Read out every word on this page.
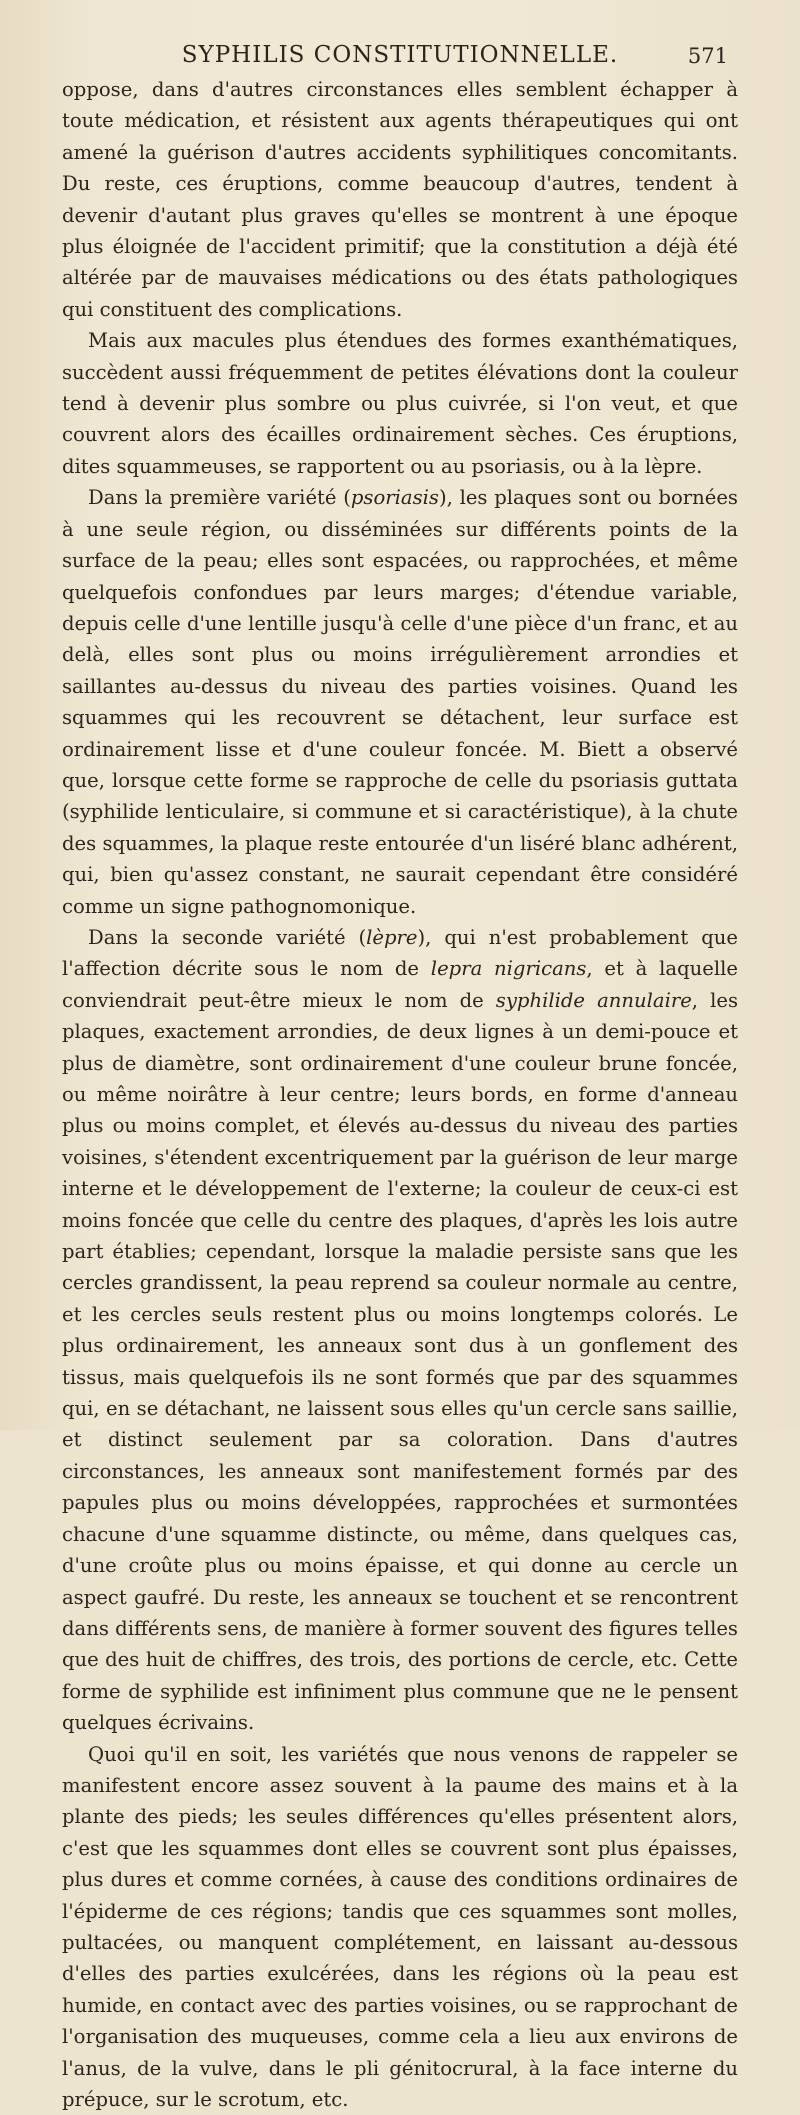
SYPHILIS CONSTITUTIONNELLE.	571

oppose, dans d'autres circonstances elles semblent échapper à toute médication, et résistent aux agents thérapeutiques qui ont amené la guérison d'autres accidents syphilitiques concomitants. Du reste, ces éruptions, comme beaucoup d'autres, tendent à devenir d'autant plus graves qu'elles se montrent à une époque plus éloignée de l'accident primitif; que la constitution a déjà été altérée par de mauvaises médications ou des états pathologiques qui constituent des complications.

Mais aux macules plus étendues des formes exanthématiques, succèdent aussi fréquemment de petites élévations dont la couleur tend à devenir plus sombre ou plus cuivrée, si l'on veut, et que couvrent alors des écailles ordinairement sèches. Ces éruptions, dites squammeuses, se rapportent ou au psoriasis, ou à la lèpre.

Dans la première variété (psoriasis), les plaques sont ou bornées à une seule région, ou disséminées sur différents points de la surface de la peau; elles sont espacées, ou rapprochées, et même quelquefois confondues par leurs marges; d'étendue variable, depuis celle d'une lentille jusqu'à celle d'une pièce d'un franc, et au delà, elles sont plus ou moins irrégulièrement arrondies et saillantes au-dessus du niveau des parties voisines. Quand les squammes qui les recouvrent se détachent, leur surface est ordinairement lisse et d'une couleur foncée. M. Biett a observé que, lorsque cette forme se rapproche de celle du psoriasis guttata (syphilide lenticulaire, si commune et si caractéristique), à la chute des squammes, la plaque reste entourée d'un liséré blanc adhérent, qui, bien qu'assez constant, ne saurait cependant être considéré comme un signe pathognomonique.

Dans la seconde variété (lèpre), qui n'est probablement que l'affection décrite sous le nom de lepra nigricans, et à laquelle conviendrait peut-être mieux le nom de syphilide annulaire, les plaques, exactement arrondies, de deux lignes à un demi-pouce et plus de diamètre, sont ordinairement d'une couleur brune foncée, ou même noirâtre à leur centre; leurs bords, en forme d'anneau plus ou moins complet, et élevés au-dessus du niveau des parties voisines, s'étendent excentriquement par la guérison de leur marge interne et le développement de l'externe; la couleur de ceux-ci est moins foncée que celle du centre des plaques, d'après les lois autre part établies; cependant, lorsque la maladie persiste sans que les cercles grandissent, la peau reprend sa couleur normale au centre, et les cercles seuls restent plus ou moins longtemps colorés. Le plus ordinairement, les anneaux sont dus à un gonflement des tissus, mais quelquefois ils ne sont formés que par des squammes qui, en se détachant, ne laissent sous elles qu'un cercle sans saillie, et distinct seulement par sa coloration. Dans d'autres circonstances, les anneaux sont manifestement formés par des papules plus ou moins développées, rapprochées et surmontées chacune d'une squamme distincte, ou même, dans quelques cas, d'une croûte plus ou moins épaisse, et qui donne au cercle un aspect gaufré. Du reste, les anneaux se touchent et se rencontrent dans différents sens, de manière à former souvent des figures telles que des huit de chiffres, des trois, des portions de cercle, etc. Cette forme de syphilide est infiniment plus commune que ne le pensent quelques écrivains.

Quoi qu'il en soit, les variétés que nous venons de rappeler se manifestent encore assez souvent à la paume des mains et à la plante des pieds; les seules différences qu'elles présentent alors, c'est que les squammes dont elles se couvrent sont plus épaisses, plus dures et comme cornées, à cause des conditions ordinaires de l'épiderme de ces régions; tandis que ces squammes sont molles, pultacées, ou manquent complétement, en laissant au-dessous d'elles des parties exulcérées, dans les régions où la peau est humide, en contact avec des parties voisines, ou se rapprochant de l'organisation des muqueuses, comme cela a lieu aux environs de l'anus, de la vulve, dans le pli génitocrural, à la face interne du prépuce, sur le scrotum, etc.
